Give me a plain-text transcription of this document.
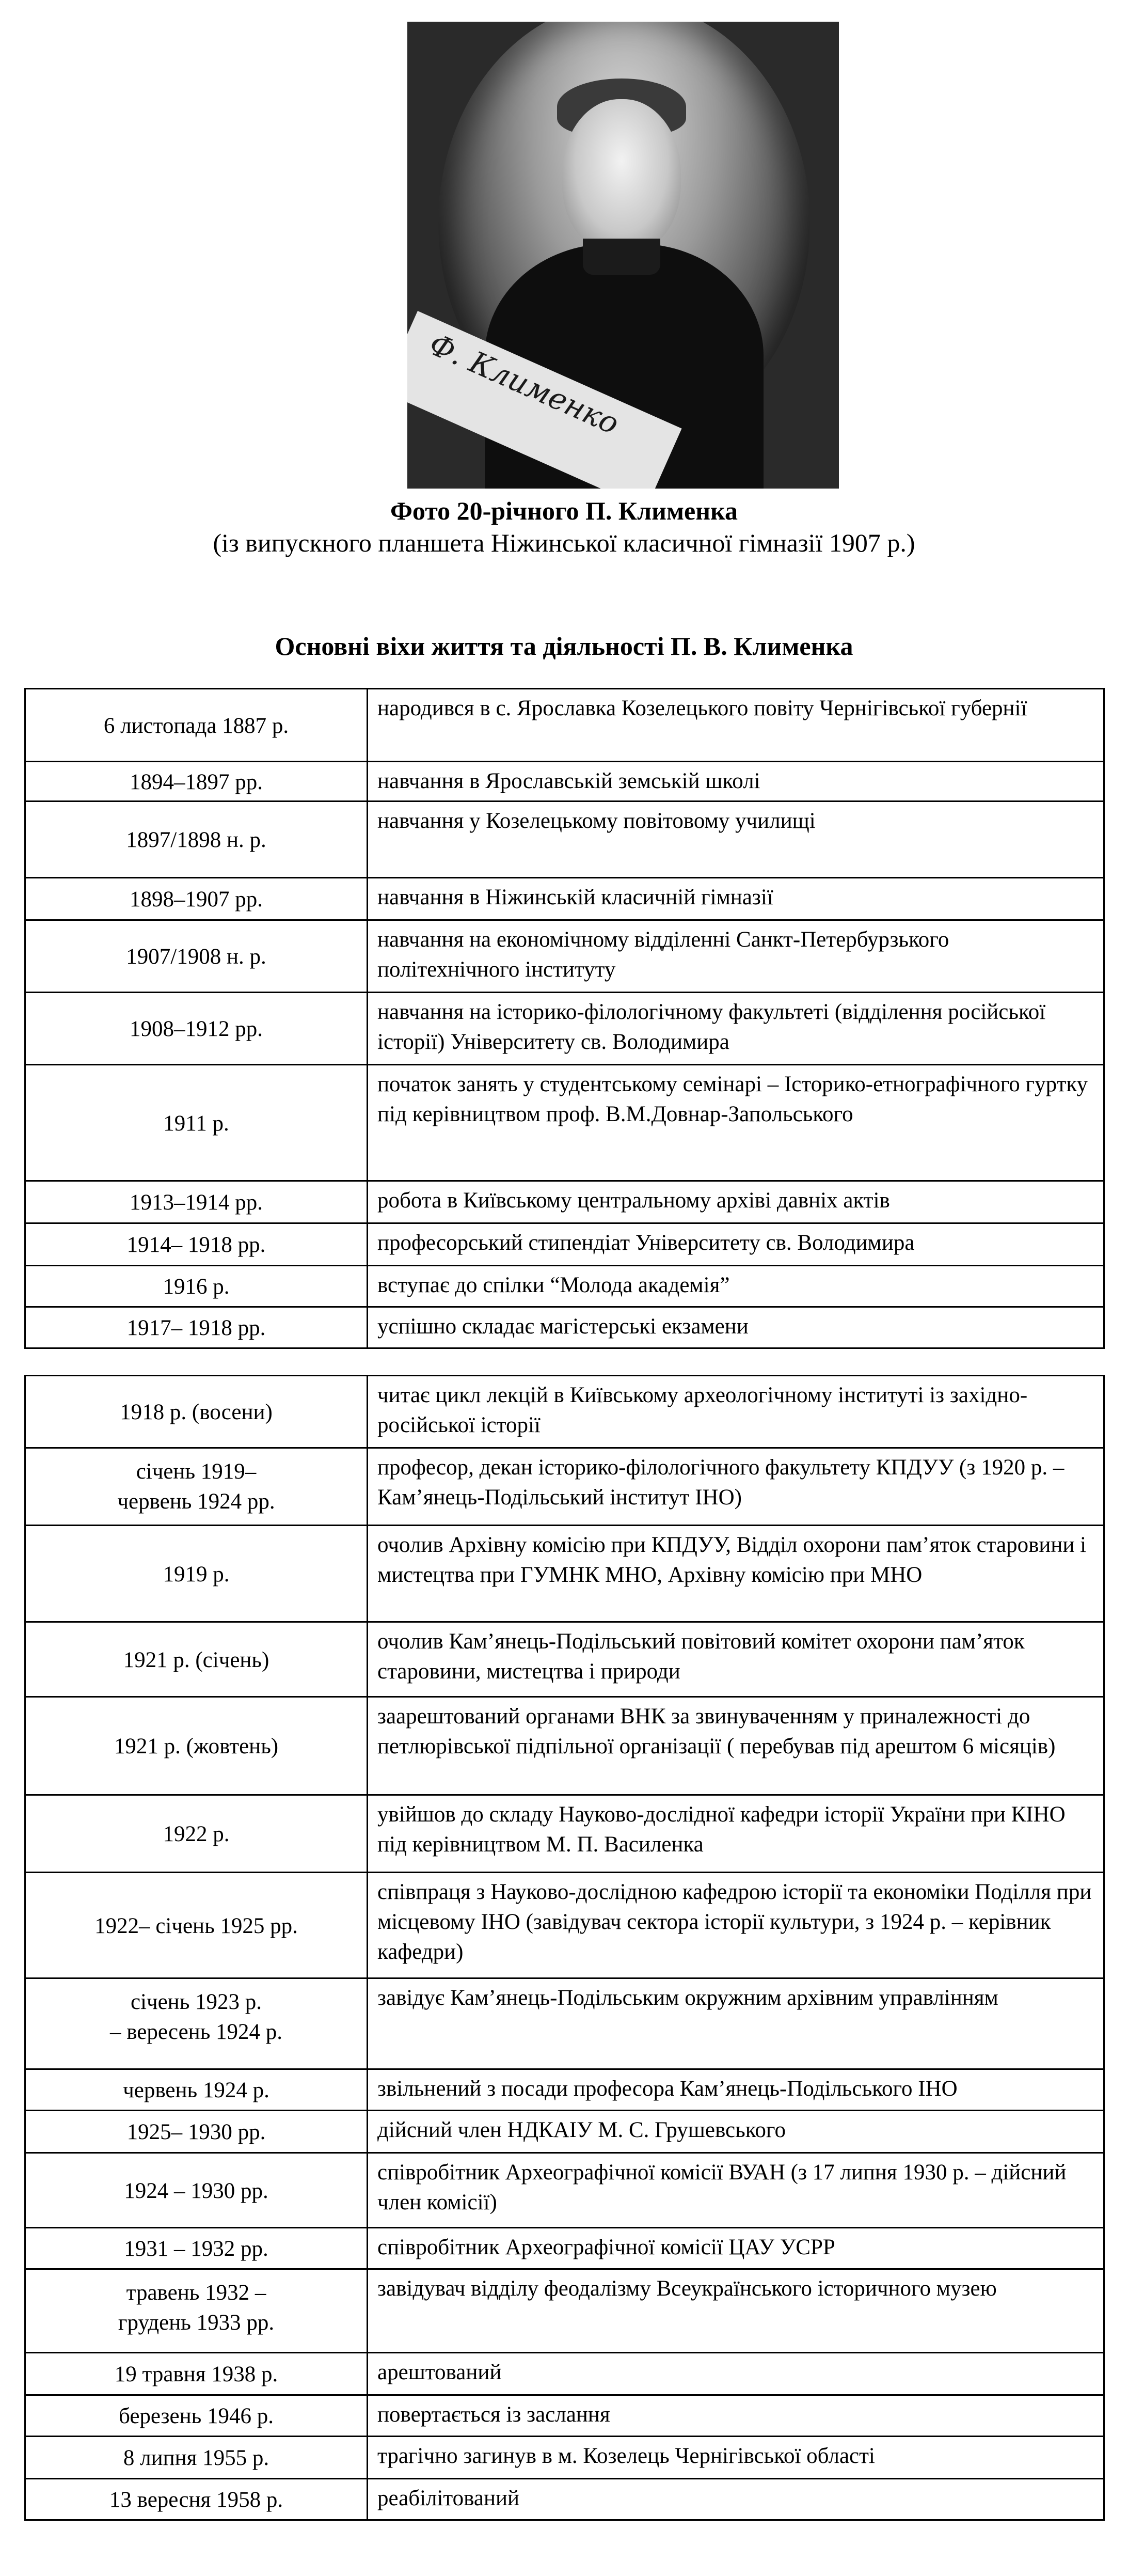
Ф. Клименко
Фото 20-річного П. Клименка
(із випускного планшета Ніжинської класичної гімназії 1907 р.)
Основні віхи життя та діяльності П. В. Клименка
6 листопада 1887 р.	народився в с. Ярославка Козелецького повіту Чернігівської губернії

1894–1897 рр.	навчання в Ярославській земській школі

1897/1898 н. р.	навчання у Козелецькому повітовому училищі

1898–1907 рр.	навчання в Ніжинській класичній гімназії

1907/1908 н. р.	навчання на економічному відділенні Санкт-Петербурзького політехнічного інституту

1908–1912 рр.	навчання на історико-філологічному факультеті (відділення російської історії) Університету св. Володимира

1911 р.	початок занять у студентському семінарі – Історико-етнографічного гуртку під керівництвом проф. В.М.Довнар-Запольського

1913–1914 рр.	робота в Київському центральному архіві давніх актів

1914– 1918 рр.	професорський стипендіат Університету св. Володимира

1916 р.	вступає до спілки “Молода академія”

1917– 1918 рр.	успішно складає магістерські екзамени
1918 р. (восени)	читає цикл лекцій в Київському археологічному інституті із західно-російської історії

січень 1919–
червень 1924 рр.	професор, декан історико-філологічного факультету КПДУУ (з 1920 р. – Кам’янець-Подільський інститут ІНО)

1919 р.	очолив Архівну комісію при КПДУУ, Відділ охорони пам’яток старовини і мистецтва при ГУМНК МНО, Архівну комісію при МНО

1921 р. (січень)	очолив Кам’янець-Подільський повітовий комітет охорони пам’яток старовини, мистецтва і природи

1921 р. (жовтень)	заарештований органами ВНК за звинуваченням у приналежності до петлюрівської підпільної організації ( перебував під арештом 6 місяців)

1922 р.	увійшов до складу Науково-дослідної кафедри історії України при КІНО під керівництвом М. П. Василенка

1922– січень 1925 рр.	співпраця з Науково-дослідною кафедрою історії та економіки Поділля при місцевому ІНО (завідувач сектора історії культури, з 1924 р. – керівник кафедри)

січень 1923 р.
– вересень 1924 р.	завідує Кам’янець-Подільським окружним архівним управлінням

червень 1924 р.	звільнений з посади професора Кам’янець-Подільського ІНО

1925– 1930 рр.	дійсний член НДКАІУ М. С. Грушевського

1924 – 1930 рр.	співробітник Археографічної комісії ВУАН (з 17 липня 1930 р. – дійсний член комісії)

1931 – 1932 рр.	співробітник Археографічної комісії ЦАУ УСРР

травень 1932 –
грудень 1933 рр.	завідувач відділу феодалізму Всеукраїнського історичного музею

19 травня 1938 р.	арештований

березень 1946 р.	повертається із заслання

8 липня 1955 р.	трагічно загинув в м. Козелець Чернігівської області

13 вересня 1958 р.	реабілітований
